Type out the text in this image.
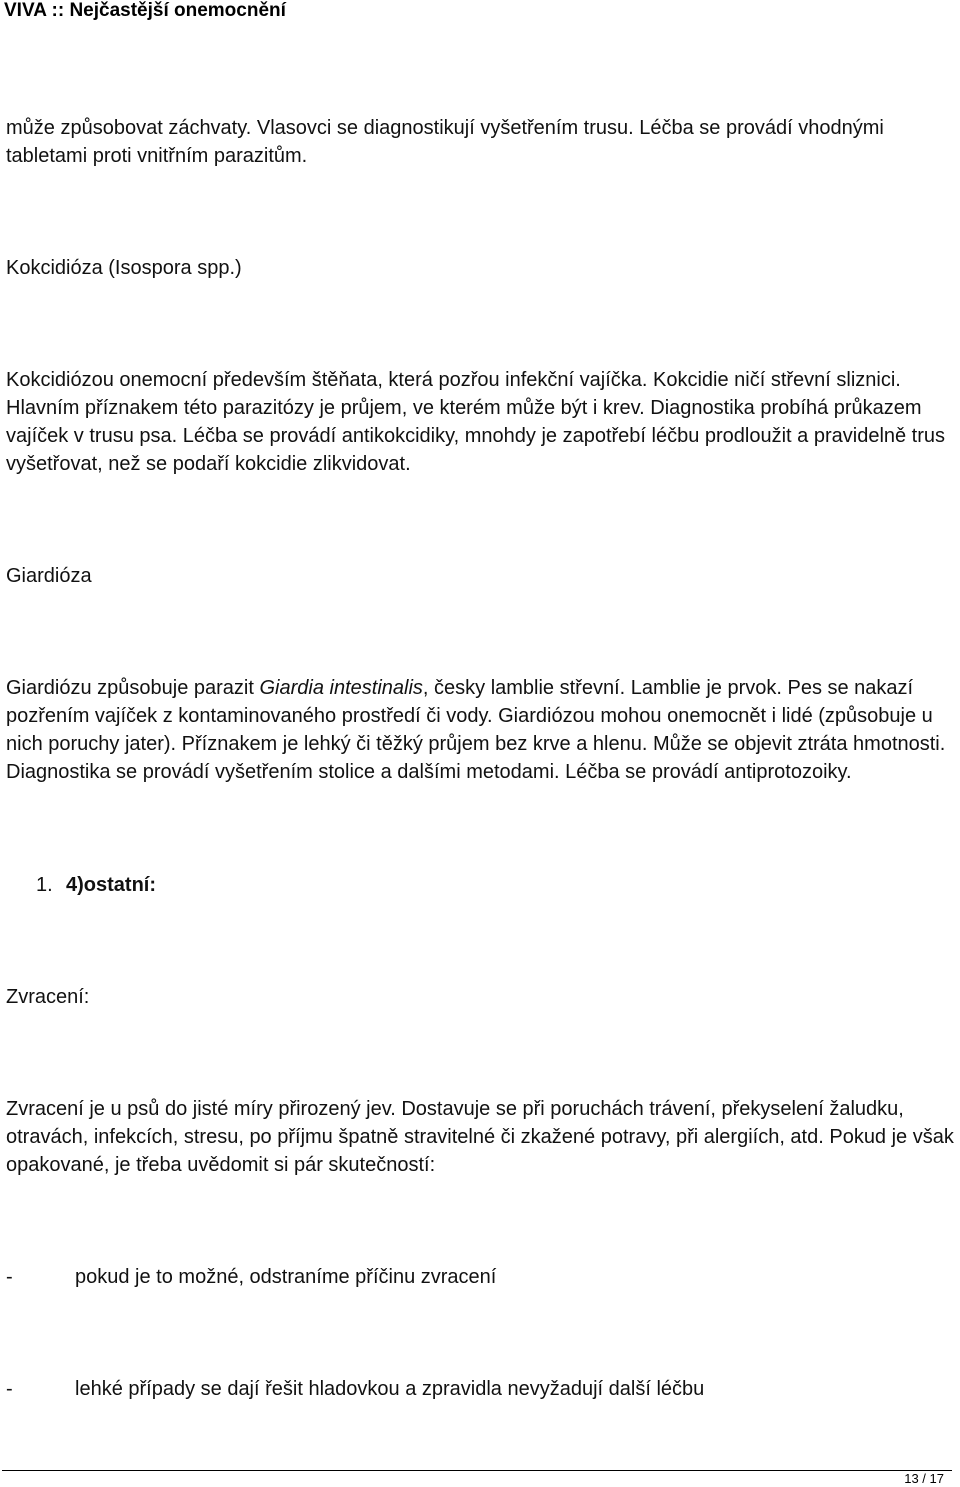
VIVA :: Nejčastější onemocnění

může způsobovat záchvaty. Vlasovci se diagnostikují vyšetřením trusu. Léčba se provádí vhodnými tabletami proti vnitřním parazitům.

Kokcidióza (Isospora spp.)

Kokcidiózou onemocní především štěňata, která pozřou infekční vajíčka. Kokcidie ničí střevní sliznici. Hlavním příznakem této parazitózy je průjem, ve kterém může být i krev. Diagnostika probíhá průkazem vajíček v trusu psa. Léčba se provádí antikokcidiky, mnohdy je zapotřebí léčbu prodloužit a pravidelně trus vyšetřovat, než se podaří kokcidie zlikvidovat.

Giardióza

Giardiózu způsobuje parazit Giardia intestinalis, česky lamblie střevní. Lamblie je prvok. Pes se nakazí pozřením vajíček z kontaminovaného prostředí či vody. Giardiózou mohou onemocnět i lidé (způsobuje u nich poruchy jater). Příznakem je lehký či těžký průjem bez krve a hlenu. Může se objevit ztráta hmotnosti. Diagnostika se provádí vyšetřením stolice a dalšími metodami. Léčba se provádí antiprotozoiky.

1. 4)ostatní:

Zvracení:

Zvracení je u psů do jisté míry přirozený jev. Dostavuje se při poruchách trávení, překyselení žaludku, otravách, infekcích, stresu, po příjmu špatně stravitelné či zkažené potravy, při alergiích, atd. Pokud je však opakované, je třeba uvědomit si pár skutečností:

-	pokud je to možné, odstraníme příčinu zvracení
-	lehké případy se dají řešit hladovkou a zpravidla nevyžadují další léčbu
13 / 17
